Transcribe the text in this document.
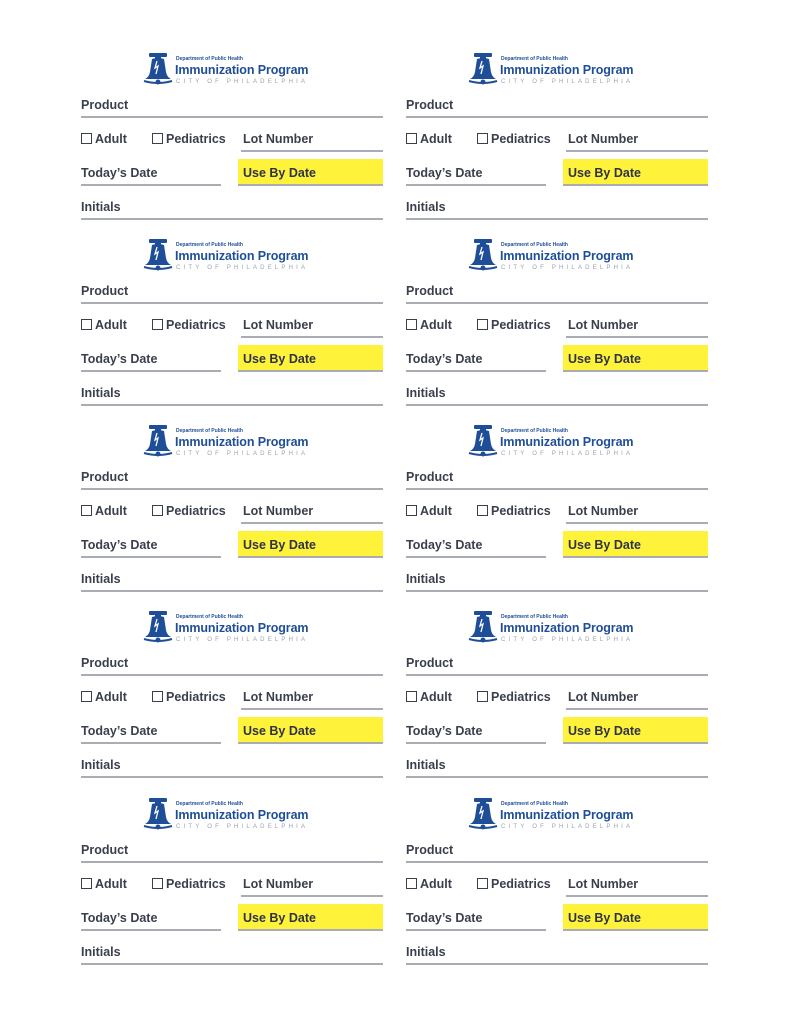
Department of Public Health
Immunization Program
CITY OF PHILADELPHIA
Product
Adult	Pediatrics Lot Number
Today’s Date	Use By Date
Initials
Department of Public Health
Immunization Program
CITY OF PHILADELPHIA
Product
Adult	Pediatrics Lot Number
Today’s Date	Use By Date
Initials
Department of Public Health
Immunization Program
CITY OF PHILADELPHIA
Product
Adult	Pediatrics Lot Number
Today’s Date	Use By Date
Initials
Department of Public Health
Immunization Program
CITY OF PHILADELPHIA
Product
Adult	Pediatrics Lot Number
Today’s Date	Use By Date
Initials
Department of Public Health
Immunization Program
CITY OF PHILADELPHIA
Product
Adult	Pediatrics Lot Number
Today’s Date	Use By Date
Initials
Department of Public Health
Immunization Program
CITY OF PHILADELPHIA
Product
Adult	Pediatrics Lot Number
Today’s Date	Use By Date
Initials
Department of Public Health
Immunization Program
CITY OF PHILADELPHIA
Product
Adult	Pediatrics Lot Number
Today’s Date	Use By Date
Initials
Department of Public Health
Immunization Program
CITY OF PHILADELPHIA
Product
Adult	Pediatrics Lot Number
Today’s Date	Use By Date
Initials
Department of Public Health
Immunization Program
CITY OF PHILADELPHIA
Product
Adult	Pediatrics Lot Number
Today’s Date	Use By Date
Initials
Department of Public Health
Immunization Program
CITY OF PHILADELPHIA
Product
Adult	Pediatrics Lot Number
Today’s Date	Use By Date
Initials
